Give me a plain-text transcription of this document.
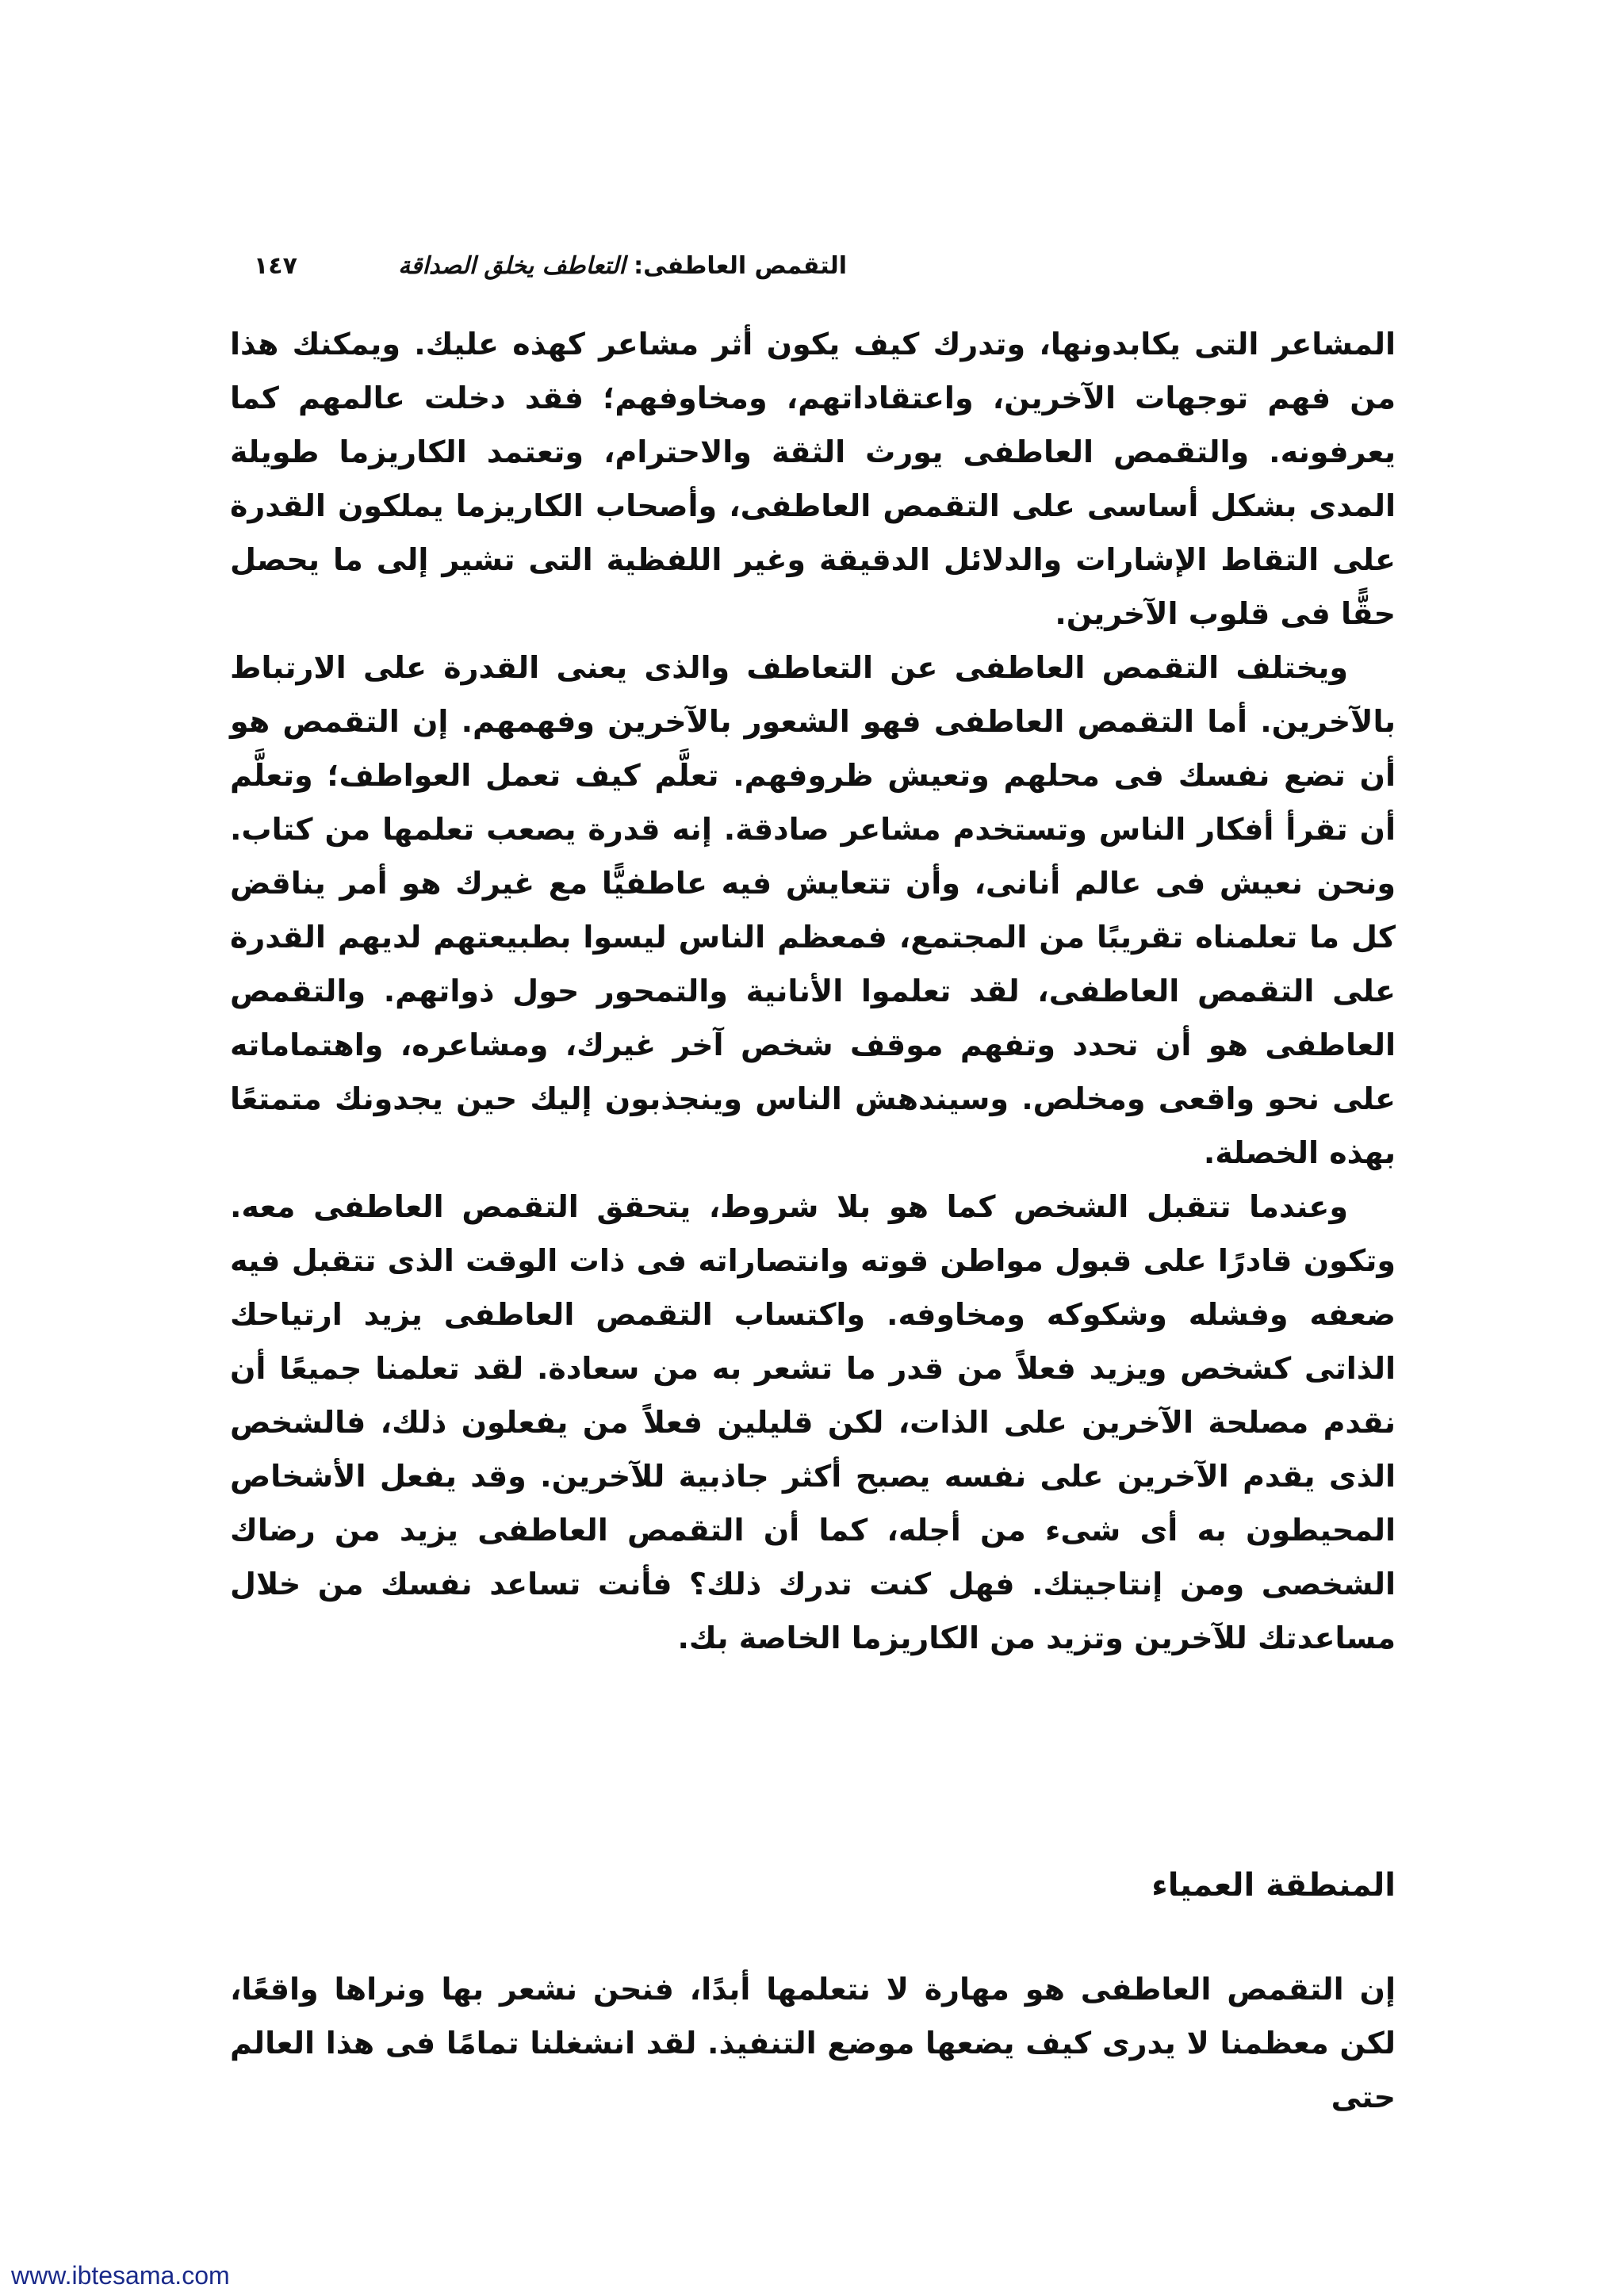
التقمص العاطفى: التعاطف يخلق الصداقة
١٤٧

المشاعر التى يكابدونها، وتدرك كيف يكون أثر مشاعر كهذه عليك. ويمكنك هذا من فهم توجهات الآخرين، واعتقاداتهم، ومخاوفهم؛ فقد دخلت عالمهم كما يعرفونه. والتقمص العاطفى يورث الثقة والاحترام، وتعتمد الكاريزما طويلة المدى بشكل أساسى على التقمص العاطفى، وأصحاب الكاريزما يملكون القدرة على التقاط الإشارات والدلائل الدقيقة وغير اللفظية التى تشير إلى ما يحصل حقًّا فى قلوب الآخرين.

ويختلف التقمص العاطفى عن التعاطف والذى يعنى القدرة على الارتباط بالآخرين. أما التقمص العاطفى فهو الشعور بالآخرين وفهمهم. إن التقمص هو أن تضع نفسك فى محلهم وتعيش ظروفهم. تعلَّم كيف تعمل العواطف؛ وتعلَّم أن تقرأ أفكار الناس وتستخدم مشاعر صادقة. إنه قدرة يصعب تعلمها من كتاب. ونحن نعيش فى عالم أنانى، وأن تتعايش فيه عاطفيًّا مع غيرك هو أمر يناقض كل ما تعلمناه تقريبًا من المجتمع، فمعظم الناس ليسوا بطبيعتهم لديهم القدرة على التقمص العاطفى، لقد تعلموا الأنانية والتمحور حول ذواتهم. والتقمص العاطفى هو أن تحدد وتفهم موقف شخص آخر غيرك، ومشاعره، واهتماماته على نحو واقعى ومخلص. وسيندهش الناس وينجذبون إليك حين يجدونك متمتعًا بهذه الخصلة.

وعندما تتقبل الشخص كما هو بلا شروط، يتحقق التقمص العاطفى معه. وتكون قادرًا على قبول مواطن قوته وانتصاراته فى ذات الوقت الذى تتقبل فيه ضعفه وفشله وشكوكه ومخاوفه. واكتساب التقمص العاطفى يزيد ارتياحك الذاتى كشخص ويزيد فعلاً من قدر ما تشعر به من سعادة. لقد تعلمنا جميعًا أن نقدم مصلحة الآخرين على الذات، لكن قليلين فعلاً من يفعلون ذلك، فالشخص الذى يقدم الآخرين على نفسه يصبح أكثر جاذبية للآخرين. وقد يفعل الأشخاص المحيطون به أى شىء من أجله، كما أن التقمص العاطفى يزيد من رضاك الشخصى ومن إنتاجيتك. فهل كنت تدرك ذلك؟ فأنت تساعد نفسك من خلال مساعدتك للآخرين وتزيد من الكاريزما الخاصة بك.

المنطقة العمياء
إن التقمص العاطفى هو مهارة لا نتعلمها أبدًا، فنحن نشعر بها ونراها واقعًا، لكن معظمنا لا يدرى كيف يضعها موضع التنفيذ. لقد انشغلنا تمامًا فى هذا العالم حتى
www.ibtesama.com
